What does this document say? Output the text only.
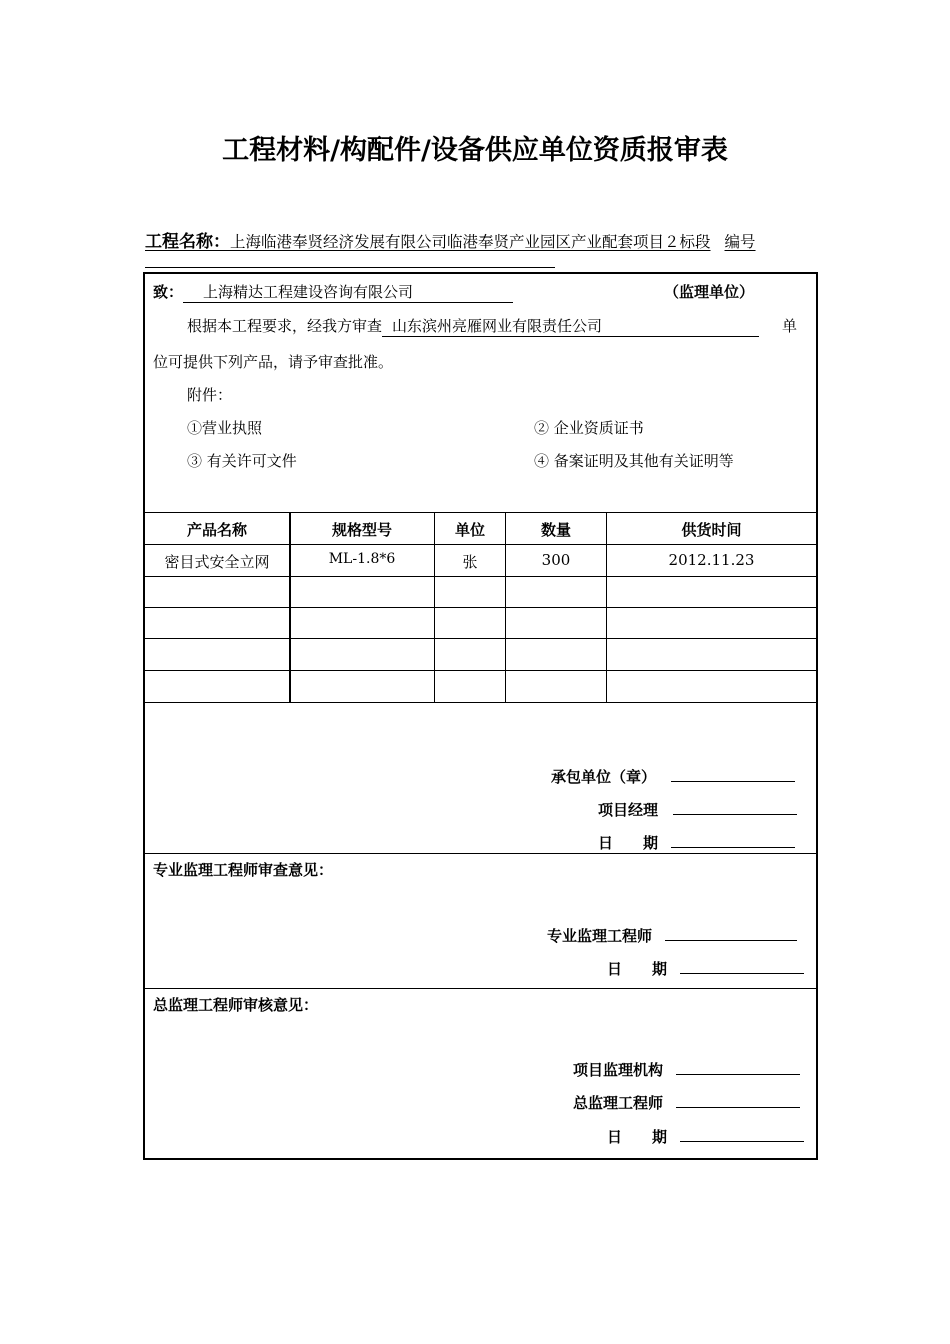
工程材料/构配件/设备供应单位资质报审表
工程名称：上海临港奉贤经济发展有限公司临港奉贤产业园区产业配套项目２标段 编号
致： 上海精达工程建设咨询有限公司	（监理单位）
根据本工程要求，经我方审查 山东滨州亮雁网业有限责任公司	单
位可提供下列产品，请予审查批准。
附件：
①营业执照	② 企业资质证书
③ 有关许可文件	④ 备案证明及其他有关证明等
产品名称	规格型号	单位	数量	供货时间
密目式安全立网	ML-1.8*6	张	300	2012.11.23
承包单位（章）
项目经理
日　　期
专业监理工程师审查意见：
专业监理工程师
日　　期
总监理工程师审核意见：
项目监理机构
总监理工程师
日　　期
